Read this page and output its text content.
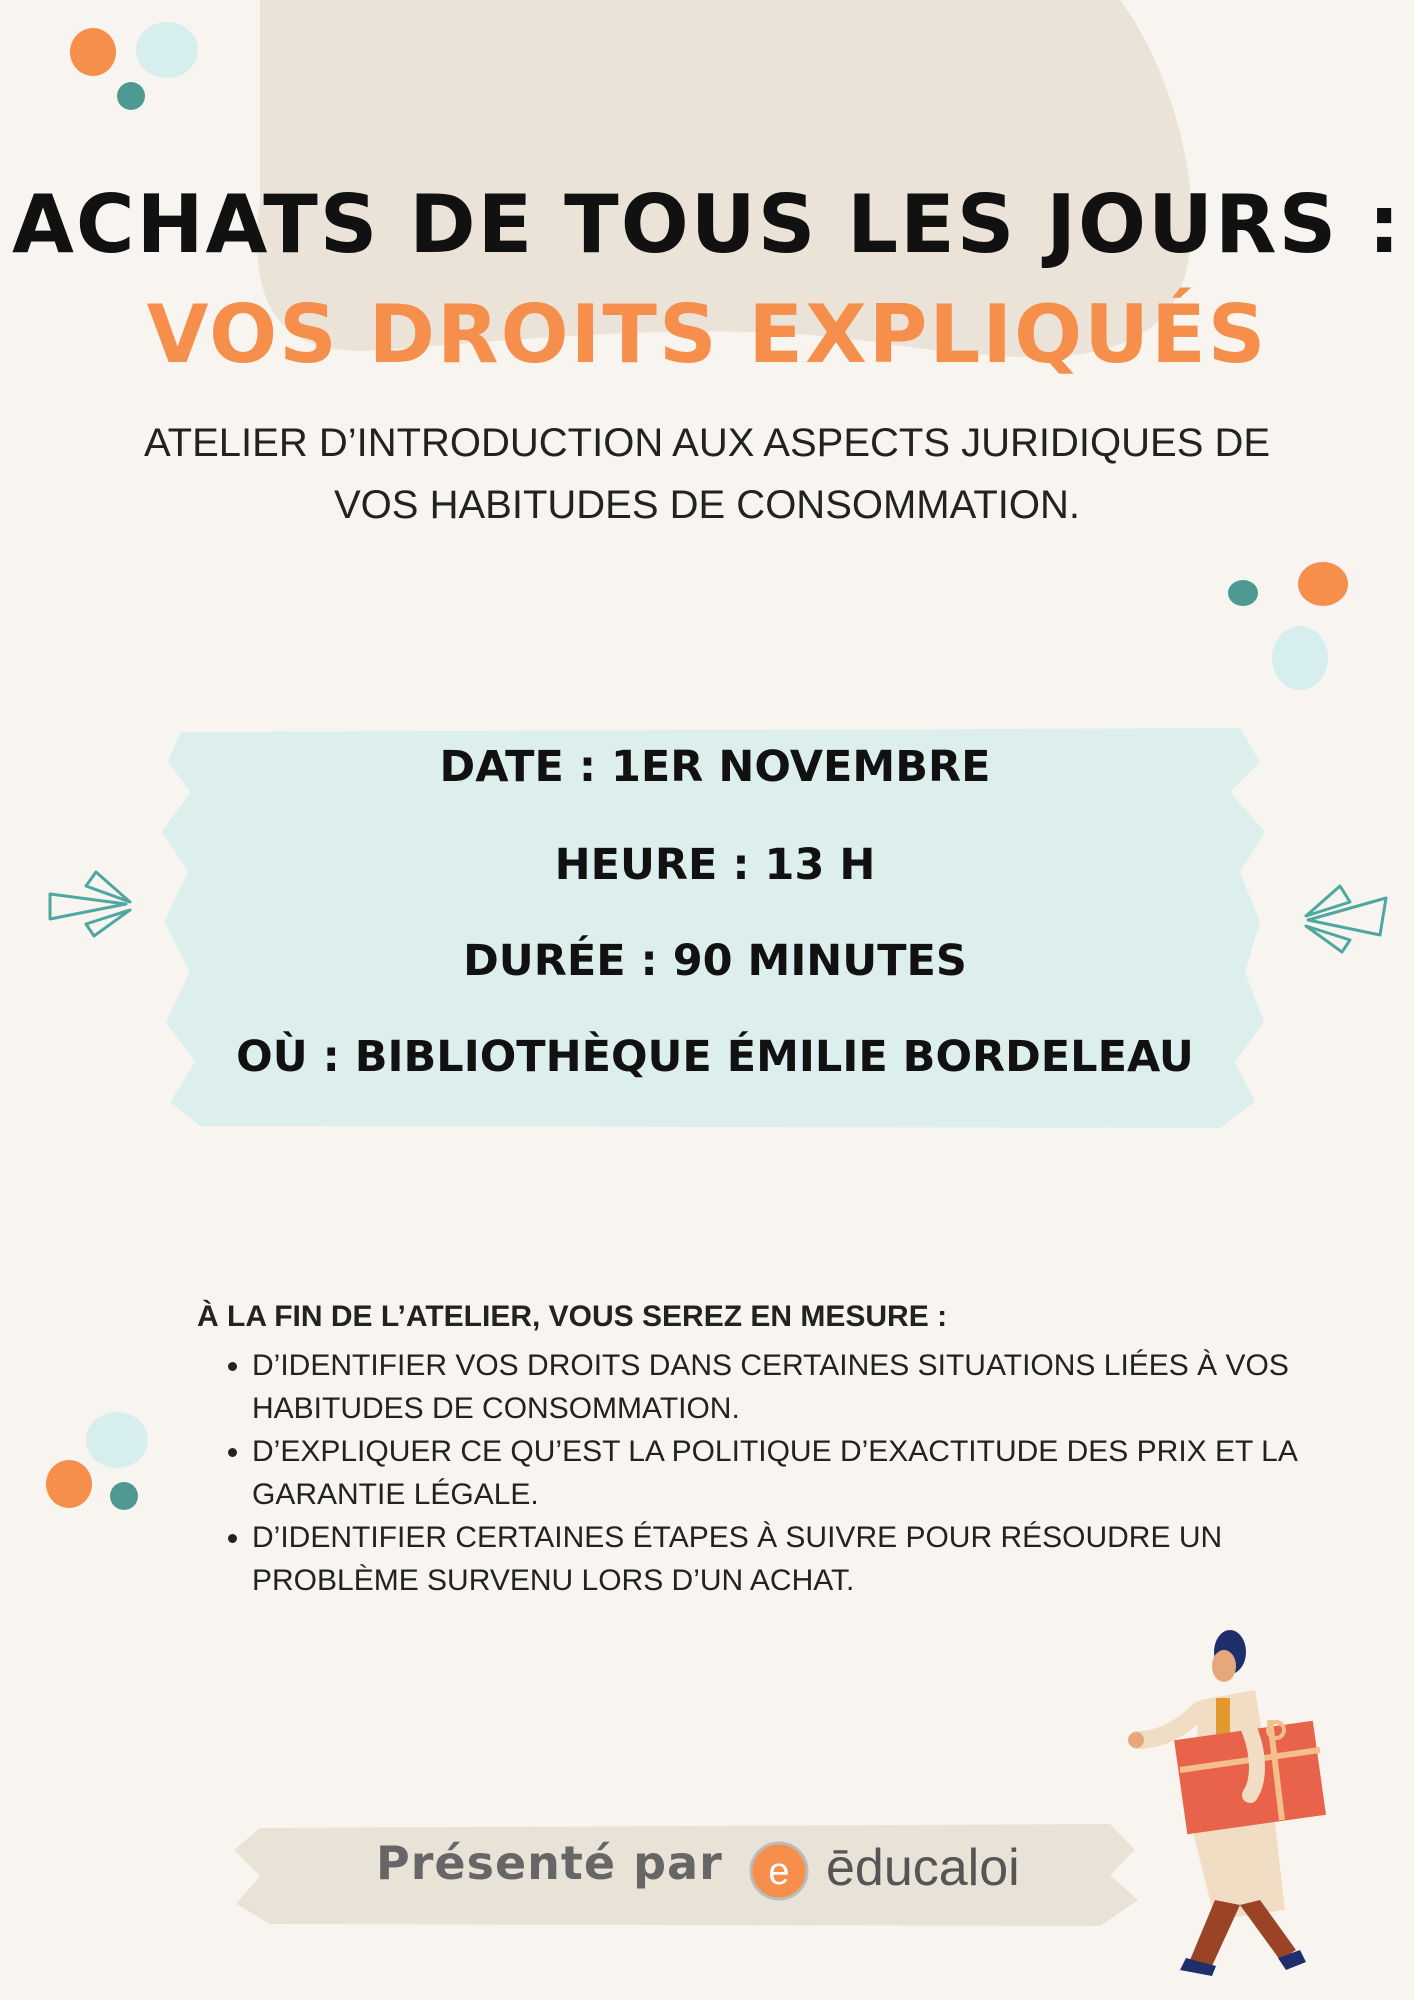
ACHATS DE TOUS LES JOURS :
VOS DROITS EXPLIQUÉS

ATELIER D’INTRODUCTION AUX ASPECTS JURIDIQUES DE VOS HABITUDES DE CONSOMMATION.

DATE : 1ER NOVEMBRE

HEURE : 13 H

DURÉE : 90 MINUTES

OÙ : BIBLIOTHÈQUE ÉMILIE BORDELEAU

À LA FIN DE L’ATELIER, VOUS SEREZ EN MESURE :
• D’IDENTIFIER VOS DROITS DANS CERTAINES SITUATIONS LIÉES À VOS HABITUDES DE CONSOMMATION.
• D’EXPLIQUER CE QU’EST LA POLITIQUE D’EXACTITUDE DES PRIX ET LA GARANTIE LÉGALE.
• D’IDENTIFIER CERTAINES ÉTAPES À SUIVRE POUR RÉSOUDRE UN PROBLÈME SURVENU LORS D’UN ACHAT.

Présenté par e ēducaloi
